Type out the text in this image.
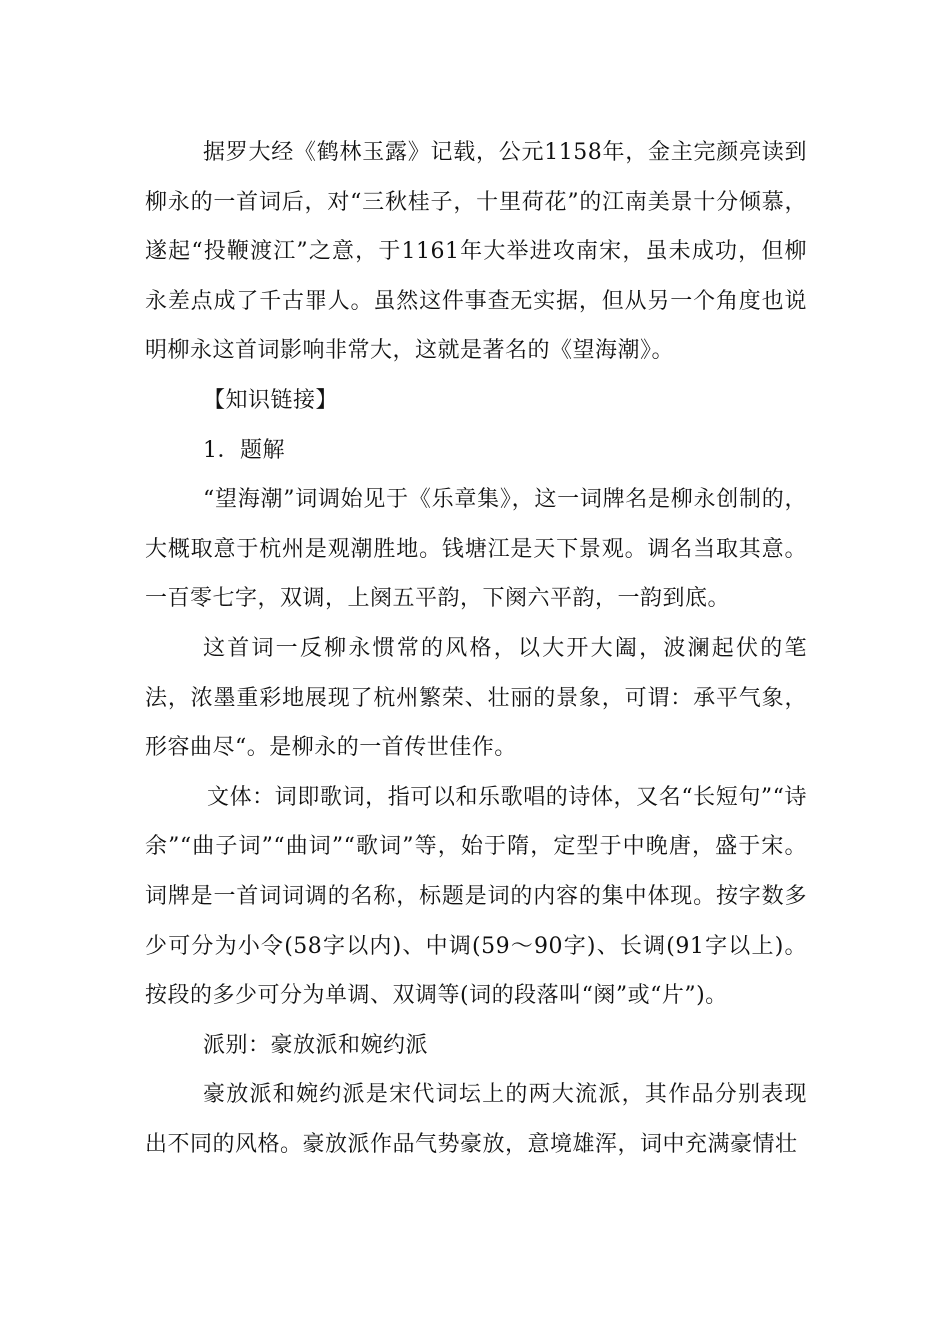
据罗大经《鹤林玉露》记载，公元1158年，金主完颜亮读到柳永的一首词后，对“三秋桂子，十里荷花”的江南美景十分倾慕，遂起“投鞭渡江”之意，于1161年大举进攻南宋，虽未成功，但柳永差点成了千古罪人。虽然这件事查无实据，但从另一个角度也说明柳永这首词影响非常大，这就是著名的《望海潮》。

【知识链接】

1．题解

“望海潮”词调始见于《乐章集》，这一词牌名是柳永创制的，大概取意于杭州是观潮胜地。钱塘江是天下景观。调名当取其意。一百零七字，双调，上阕五平韵，下阕六平韵，一韵到底。

这首词一反柳永惯常的风格，以大开大阖，波澜起伏的笔法，浓墨重彩地展现了杭州繁荣、壮丽的景象，可谓：承平气象，形容曲尽“。是柳永的一首传世佳作。

文体：词即歌词，指可以和乐歌唱的诗体，又名“长短句”“诗余”“曲子词”“曲词”“歌词”等，始于隋，定型于中晚唐，盛于宋。词牌是一首词词调的名称，标题是词的内容的集中体现。按字数多少可分为小令(58字以内)、中调(59～90字)、长调(91字以上)。按段的多少可分为单调、双调等(词的段落叫“阕”或“片”)。

派别：豪放派和婉约派

豪放派和婉约派是宋代词坛上的两大流派，其作品分别表现出不同的风格。豪放派作品气势豪放，意境雄浑，词中充满豪情壮
